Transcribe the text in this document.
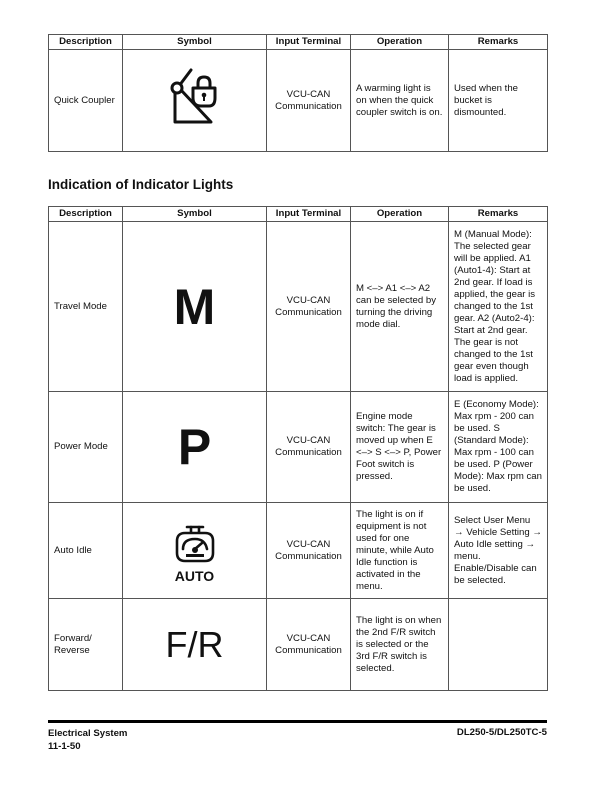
Description	Symbol	Input Terminal	Operation	Remarks
Quick Coupler		VCU-CAN Communication	A warming light is on when the quick coupler switch is on.	Used when the bucket is dismounted.
Indication of Indicator Lights
Description	Symbol	Input Terminal	Operation	Remarks
Travel Mode	M	VCU-CAN Communication	M <–> A1 <–> A2 can be selected by turning the driving mode dial.	M (Manual Mode): The selected gear will be applied. A1 (Auto1-4): Start at 2nd gear. If load is applied, the gear is changed to the 1st gear. A2 (Auto2-4): Start at 2nd gear. The gear is not changed to the 1st gear even though load is applied.
Power Mode	P	VCU-CAN Communication	Engine mode switch: The gear is moved up when E <–> S <–> P, Power Foot switch is pressed.	E (Economy Mode): Max rpm - 200 can be used. S (Standard Mode): Max rpm - 100 can be used. P (Power Mode): Max rpm can be used.
Auto Idle	AUTO	VCU-CAN Communication	The light is on if equipment is not used for one minute, while Auto Idle function is activated in the menu.	Select User Menu → Vehicle Setting → Auto Idle setting → menu. Enable/Disable can be selected.
Forward/ Reverse	F/R	VCU-CAN Communication	The light is on when the 2nd F/R switch is selected or the 3rd F/R switch is selected.	
Electrical System
11-1-50
DL250-5/DL250TC-5
